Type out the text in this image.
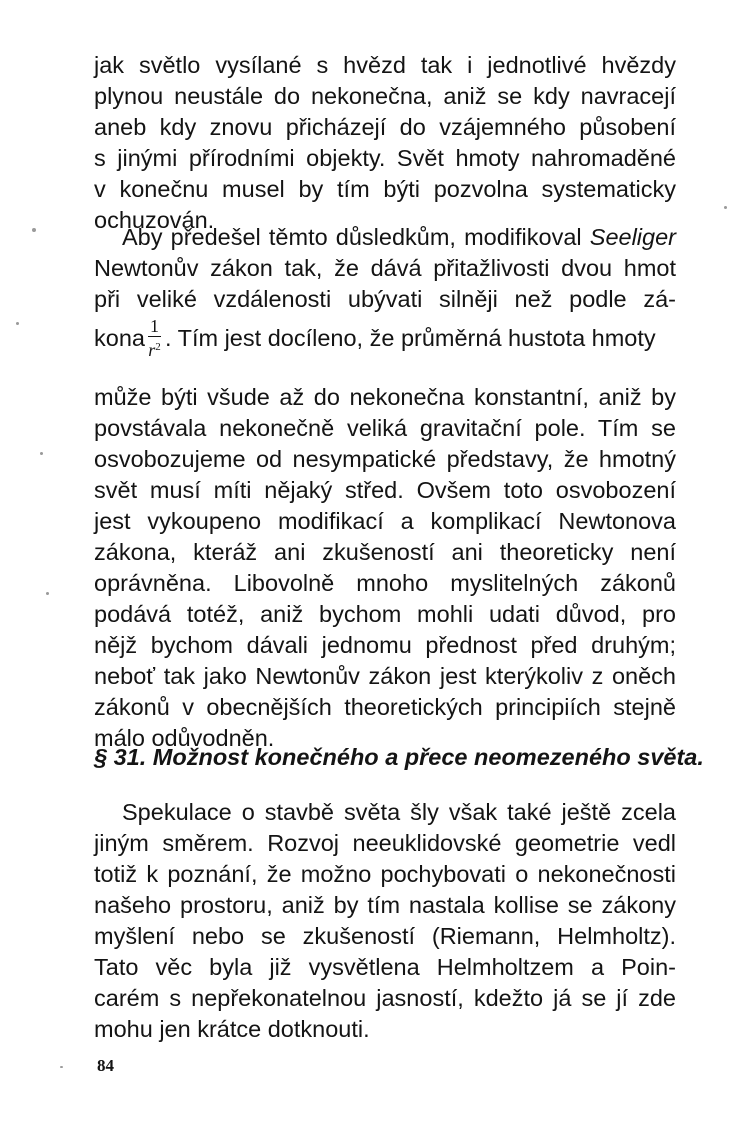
jak světlo vysílané s hvězd tak i jednotlivé hvězdy
plynou neustále do nekonečna, aniž se kdy navracejí
aneb kdy znovu přicházejí do vzájemného působení
s jinými přírodními objekty. Svět hmoty nahromaděné
v konečnu musel by tím býti pozvolna systematicky
ochuzován.
Aby předešel těmto důsledkům, modifikoval Seeliger
Newtonův zákon tak, že dává přitažlivosti dvou hmot
při veliké vzdálenosti ubývati silněji než podle zá-
kona $\frac{1}{r^2}$ . Tím jest docíleno, že průměrná hustota hmoty
může býti všude až do nekonečna konstantní, aniž by
povstávala nekonečně veliká gravitační pole. Tím se
osvobozujeme od nesympatické představy, že hmotný
svět musí míti nějaký střed. Ovšem toto osvobození
jest vykoupeno modifikací a komplikací Newtonova
zákona, kteráž ani zkušeností ani theoreticky není
oprávněna. Libovolně mnoho myslitelných zákonů
podává totéž, aniž bychom mohli udati důvod, pro
nějž bychom dávali jednomu přednost před druhým;
neboť tak jako Newtonův zákon jest kterýkoliv z oněch
zákonů v obecnějších theoretických principiích stejně
málo odůvodněn.
§ 31. Možnost konečného a přece neomezeného světa.
Spekulace o stavbě světa šly však také ještě zcela
jiným směrem. Rozvoj neeuklidovské geometrie vedl
totiž k poznání, že možno pochybovati o nekonečnosti
našeho prostoru, aniž by tím nastala kollise se zákony
myšlení nebo se zkušeností (Riemann, Helmholtz).
Tato věc byla již vysvětlena Helmholtzem a Poin-
carém s nepřekonatelnou jasností, kdežto já se jí zde
mohu jen krátce dotknouti.
84
